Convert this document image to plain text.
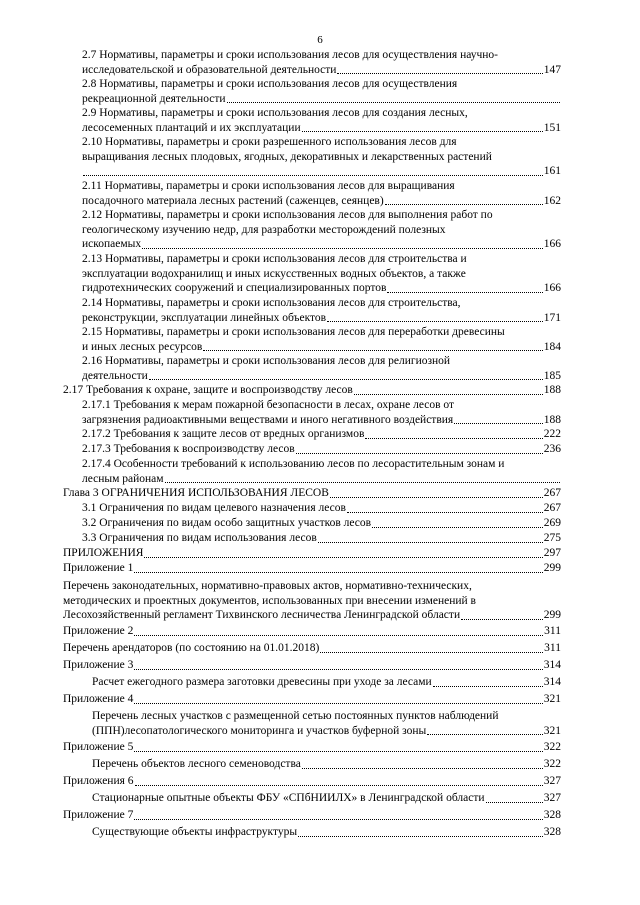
6
2.7 Нормативы, параметры и сроки использования лесов для осуществления научно-
исследовательской и образовательной деятельности	147
2.8 Нормативы, параметры и сроки использования лесов для осуществления
рекреационной деятельности
2.9 Нормативы, параметры и сроки использования лесов для создания лесных,
лесосеменных плантаций и их эксплуатации	151
2.10 Нормативы, параметры и сроки разрешенного использования лесов для
выращивания лесных плодовых, ягодных, декоративных и лекарственных растений
161
2.11 Нормативы, параметры и сроки использования лесов для выращивания
посадочного материала лесных растений (саженцев, сеянцев)	162
2.12 Нормативы, параметры и сроки использования лесов для выполнения работ по
геологическому изучению недр, для разработки месторождений полезных
ископаемых	166
2.13 Нормативы, параметры и сроки использования лесов для строительства и
эксплуатации водохранилищ и иных искусственных водных объектов, а также
гидротехнических сооружений и специализированных портов	166
2.14 Нормативы, параметры и сроки использования лесов для строительства,
реконструкции, эксплуатации линейных объектов	171
2.15 Нормативы, параметры и сроки использования лесов для переработки древесины
и иных лесных ресурсов	184
2.16 Нормативы, параметры и сроки использования лесов для религиозной
деятельности	185
2.17 Требования к охране, защите и воспроизводству лесов	188
2.17.1 Требования к мерам пожарной безопасности в лесах, охране лесов от
загрязнения радиоактивными веществами и иного негативного воздействия	188
2.17.2 Требования к защите лесов от вредных организмов	222
2.17.3 Требования к воспроизводству лесов	236
2.17.4 Особенности требований к использованию лесов по лесорастительным зонам и
лесным районам
Глава 3 ОГРАНИЧЕНИЯ ИСПОЛЬЗОВАНИЯ ЛЕСОВ	267
3.1 Ограничения по видам целевого назначения лесов	267
3.2 Ограничения по видам особо защитных участков лесов	269
3.3 Ограничения по видам использования лесов	275
ПРИЛОЖЕНИЯ	297
Приложение 1	299
Перечень законодательных, нормативно-правовых актов, нормативно-технических,
методических и проектных документов, использованных при внесении изменений в
Лесохозяйственный регламент Тихвинского лесничества Ленинградской области	299
Приложение 2	311
Перечень арендаторов (по состоянию на 01.01.2018)	311
Приложение 3	314
Расчет ежегодного размера заготовки древесины при уходе за лесами	314
Приложение 4	321
Перечень лесных участков с размещенной сетью постоянных пунктов наблюдений
(ППН)лесопатологического мониторинга и участков буферной зоны	321
Приложение 5	322
Перечень объектов лесного семеноводства	322
Приложения 6	327
Стационарные опытные объекты ФБУ «СПбНИИЛХ» в Ленинградской области	327
Приложение 7	328
Существующие объекты инфраструктуры	328
